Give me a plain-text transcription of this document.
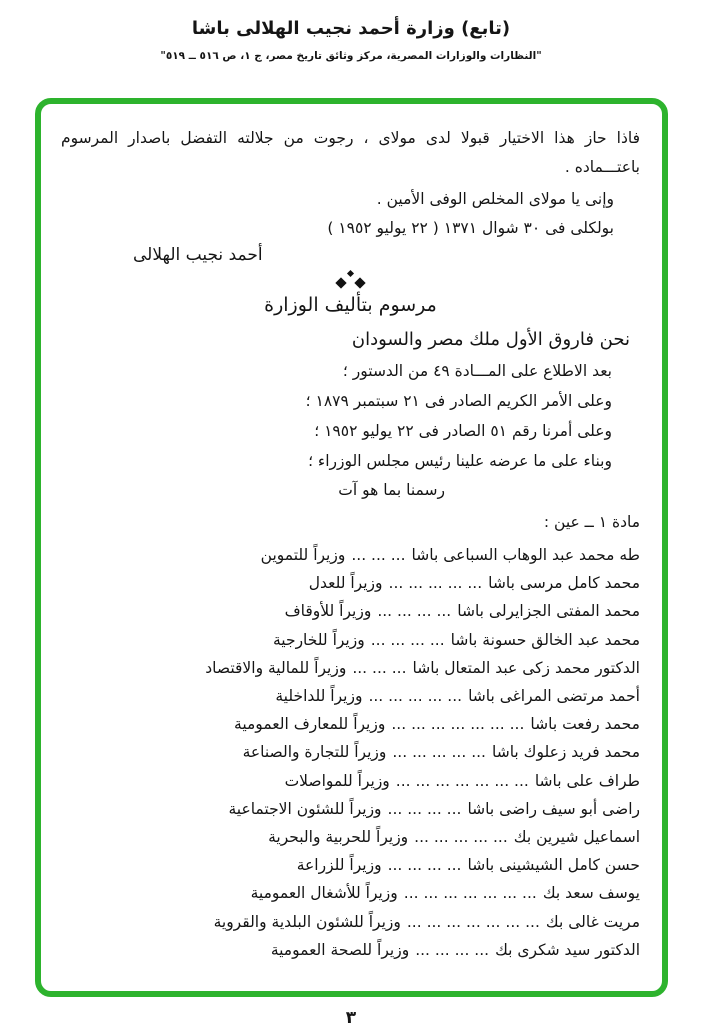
(تابع) وزارة أحمد نجيب الهلالى باشا
"النظارات والوزارات المصرية، مركز وثائق تاريخ مصر، ج ١، ص ٥١٦ ــ ٥١٩"

فاذا حاز هذا الاختيار قبولا لدى مولاى ، رجوت من جلالته التفضل باصدار المرسوم

باعتـــماده .

وإنى يا مولاى المخلص الوفى الأمين .

بولكلى فى ٣٠ شوال ١٣٧١ ( ٢٢ يوليو ١٩٥٢ )

أحمد نجيب الهلالى

مرسوم بتأليف الوزارة

نحن فاروق الأول ملك مصر والسودان

بعد الاطلاع على المـــادة ٤٩ من الدستور ؛

وعلى الأمر الكريم الصادر فى ٢١ سبتمبر ١٨٧٩ ؛

وعلى أمرنا رقم ٥١ الصادر فى ٢٢ يوليو ١٩٥٢ ؛

وبناء على ما عرضه علينا رئيس مجلس الوزراء ؛

رسمنا بما هو آت

مادة ١ ــ عين :

طه محمد عبد الوهاب السباعى باشا... ... ...وزيراً للتموين
محمد كامل مرسى باشا... ... ... ... ...وزيراً للعدل
محمد المفتى الجزايرلى باشا... ... ... ...وزيراً للأوقاف
محمد عبد الخالق حسونة باشا... ... ... ...وزيراً للخارجية
الدكتور محمد زكى عبد المتعال باشا... ... ...وزيراً للمالية والاقتصاد
أحمد مرتضى المراغى باشا... ... ... ... ...وزيراً للداخلية
محمد رفعت باشا... ... ... ... ... ... ...وزيراً للمعارف العمومية
محمد فريد زعلوك باشا... ... ... ... ...وزيراً للتجارة والصناعة
طراف على باشا... ... ... ... ... ... ...وزيراً للمواصلات
راضى أبو سيف راضى باشا... ... ... ...وزيراً للشئون الاجتماعية
اسماعيل شيرين بك... ... ... ... ...وزيراً للحربية والبحرية
حسن كامل الشيشينى باشا... ... ... ...وزيراً للزراعة
يوسف سعد بك... ... ... ... ... ... ...وزيراً للأشغال العمومية
مريت غالى بك... ... ... ... ... ... ...وزيراً للشئون البلدية والقروية
الدكتور سيد شكرى بك... ... ... ...وزيراً للصحة العمومية
٣
